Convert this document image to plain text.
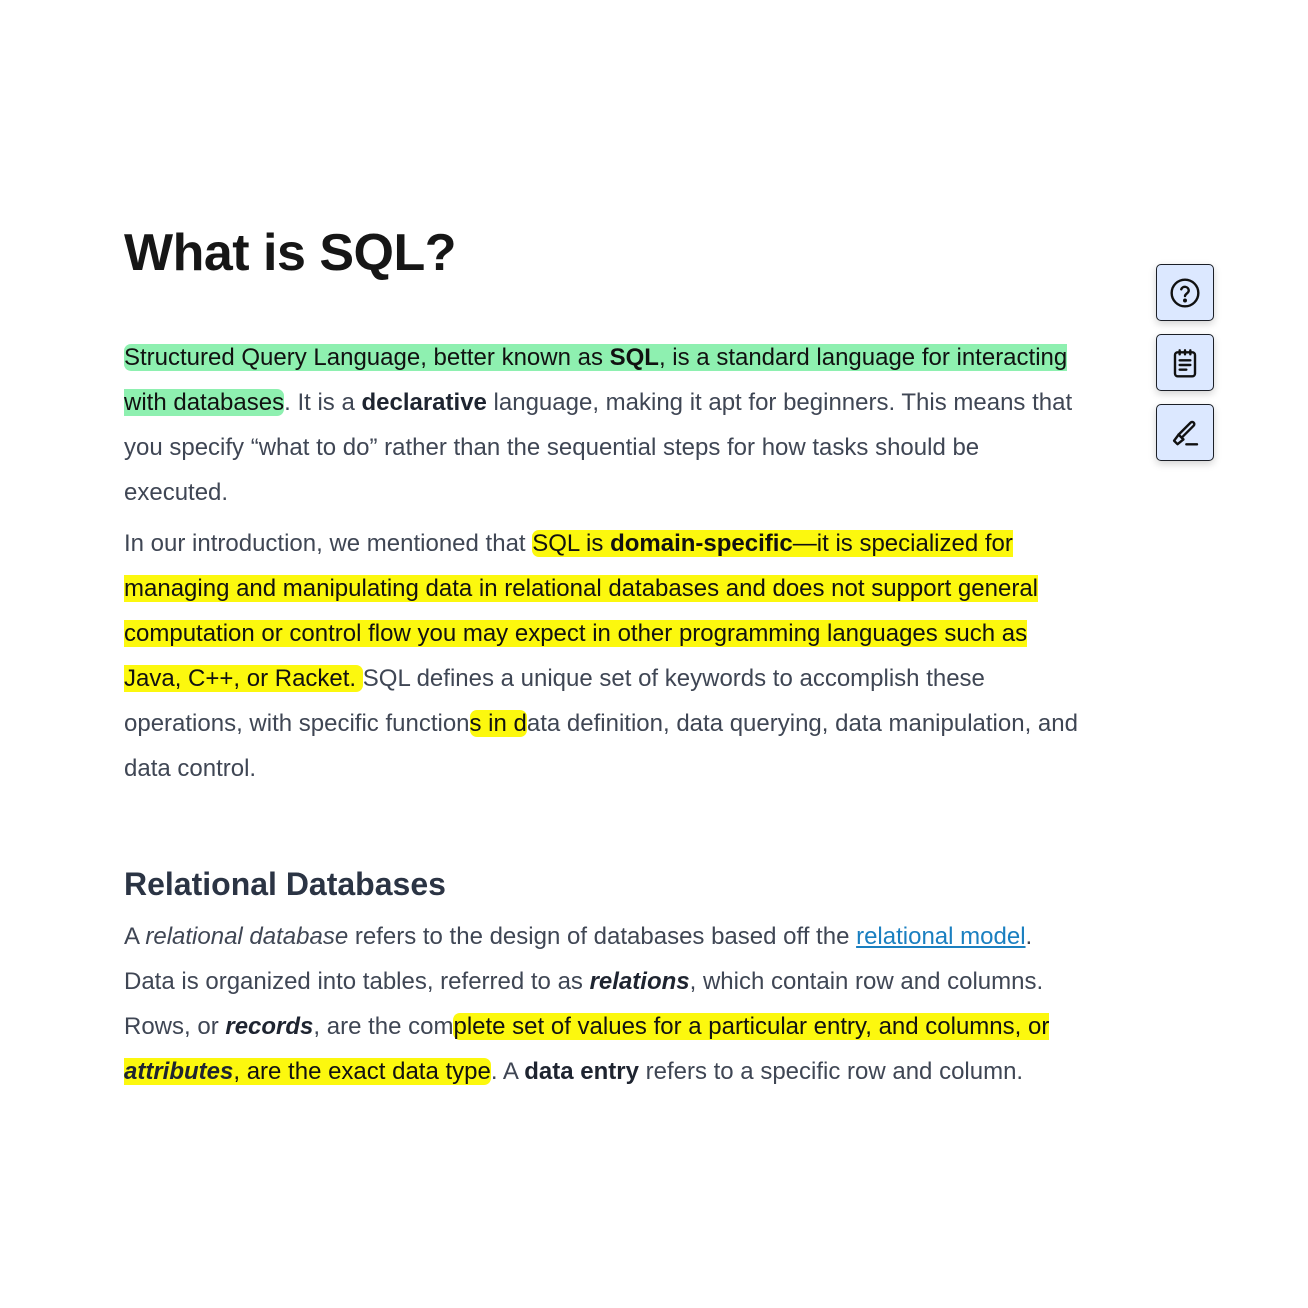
What is SQL?

Structured Query Language, better known as SQL, is a standard language for interacting with databases. It is a declarative language, making it apt for beginners. This means that you specify “what to do” rather than the sequential steps for how tasks should be executed.

In our introduction, we mentioned that SQL is domain-specific—it is specialized for managing and manipulating data in relational databases and does not support general computation or control flow you may expect in other programming languages such as Java, C++, or Racket. SQL defines a unique set of keywords to accomplish these operations, with specific functions in data definition, data querying, data manipulation, and data control.

Relational Databases

A relational database refers to the design of databases based off the relational model. Data is organized into tables, referred to as relations, which contain row and columns. Rows, or records, are the complete set of values for a particular entry, and columns, or attributes, are the exact data type. A data entry refers to a specific row and column.
